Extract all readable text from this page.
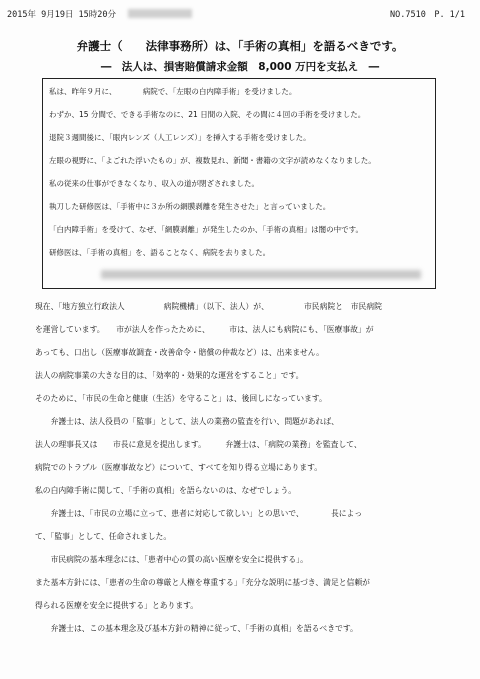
2015年 9月19日 15時20分	NO.7510　P. 1/1
弁護士（　　法律事務所）は、「手術の真相」を語るべきです。
―　法人は、損害賠償請求金額　8,000 万円を支払え　―
私は、昨年９月に、　　　　病院で、「左眼の白内障手術」を受けました。
わずか、15 分間で、できる手術なのに、21 日間の入院、その間に４回の手術を受けました。
退院３週間後に、「眼内レンズ（人工レンズ）」を挿入する手術を受けました。
左眼の視野に、「よごれた浮いたもの」が、複数見れ、新聞・書籍の文字が読めなくなりました。
私の従来の仕事ができなくなり、収入の道が閉ざされました。
執刀した研修医は、「手術中に３か所の網膜剥離を発生させた」と言っていました。
「白内障手術」を受けて、なぜ、「網膜剥離」が発生したのか、「手術の真相」は闇の中です。
研修医は、「手術の真相」を、語ることなく、病院を去りました。
現在、「地方独立行政法人　　　　　病院機構」（以下、法人）が、　　　　　市民病院と　市民病院
を運営しています。　　市が法人を作ったために、　　　市は、法人にも病院にも、「医療事故」が
あっても、口出し（医療事故調査・改善命令・賠償の仲裁など）は、出来ません。
法人の病院事業の大きな目的は、「効率的・効果的な運営をすること」です。
そのために、「市民の生命と健康（生活）を守ること」は、後回しになっています。
　　弁護士は、法人役員の「監事」として、法人の業務の監査を行い、問題があれば、
法人の理事長又は　　市長に意見を提出します。　　　弁護士は、「病院の業務」を監査して、
病院でのトラブル（医療事故など）について、すべてを知り得る立場にあります。
私の白内障手術に関して、「手術の真相」を語らないのは、なぜでしょう。
　　弁護士は、「市民の立場に立って、患者に対応して欲しい」との思いで、　　　　長によっ
て、「監事」として、任命されました。
　　市民病院の基本理念には、「患者中心の質の高い医療を安全に提供する」。
また基本方針には、「患者の生命の尊厳と人権を尊重する」「充分な説明に基づき、満足と信頼が
得られる医療を安全に提供する」とあります。
　　弁護士は、この基本理念及び基本方針の精神に従って、「手術の真相」を語るべきです。
